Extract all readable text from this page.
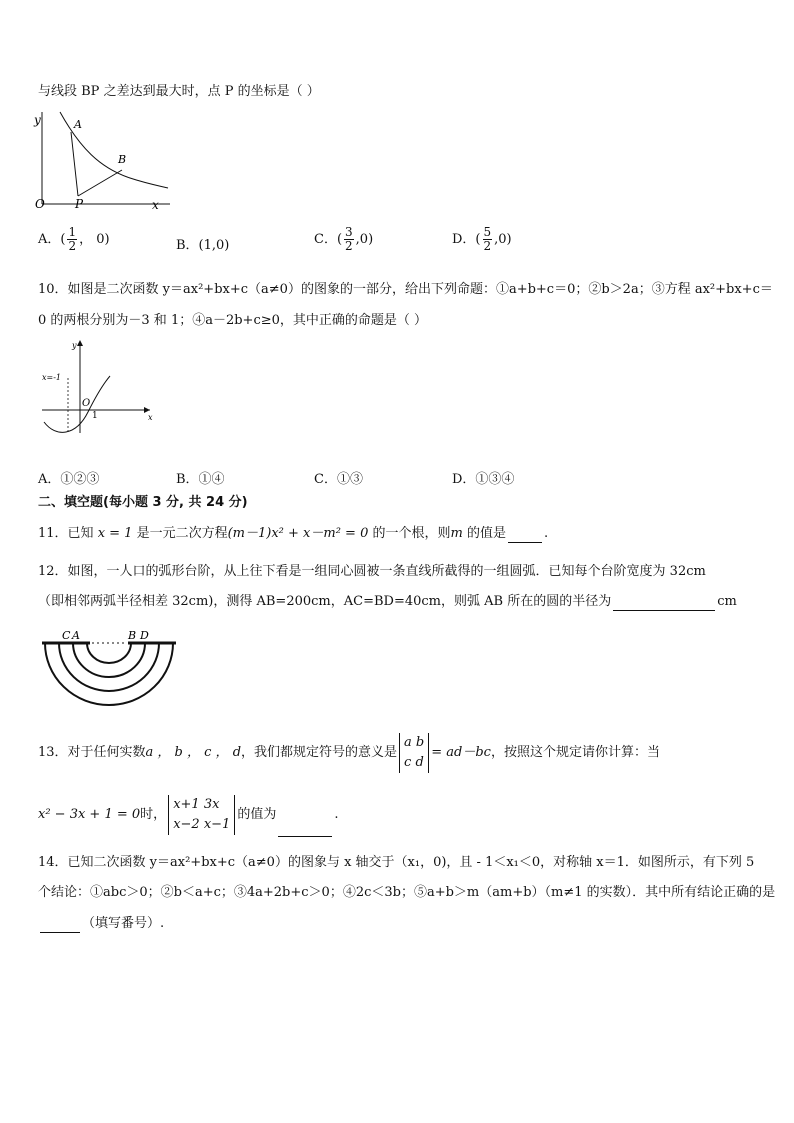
与线段 BP 之差达到最大时，点 P 的坐标是（ ）
y	A
B
O	P	x
A．( $\frac{1}{2}$ ， 0)	B．(1,0)	C．( $\frac{3}{2} ,0$)	D．( $\frac{5}{2} ,0$)
10．如图是二次函数 y＝ax²+bx+c（a≠0）的图象的一部分，给出下列命题：①a+b+c＝0；②b＞2a；③方程 ax²+bx+c＝
0 的两根分别为－3 和 1；④a－2b+c≥0，其中正确的命题是（ ）
x=-1
y
O
1	x
A．①②③	B．①④	C．①③	D．①③④
二、填空题(每小题 3 分, 共 24 分)
11．已知 x = 1 是一元二次方程(m－1)x² + x－m² = 0 的一个根，则m 的值是	.
12．如图，一人口的弧形台阶，从上往下看是一组同心圆被一条直线所截得的一组圆弧．已知每个台阶宽度为 32cm
（即相邻两弧半径相差 32cm)，测得 AB=200cm，AC=BD=40cm，则弧 AB 所在的圆的半径为	cm
C A	B D
13．对于任何实数a ， b ， c ， d，我们都规定符号的意义是
a b
c d
= ad－bc，按照这个规定请你计算：当
x² − 3x + 1 = 0时，
x+1 3x
x−2 x−1
的值为	.
14．已知二次函数 y＝ax²+bx+c（a≠0）的图象与 x 轴交于（x₁，0)，且 - 1＜x₁＜0，对称轴 x＝1．如图所示，有下列 5
个结论：①abc＞0；②b＜a+c；③4a+2b+c＞0；④2c＜3b；⑤a+b＞m（am+b）（m≠1 的实数）．其中所有结论正确的是
（填写番号）.
